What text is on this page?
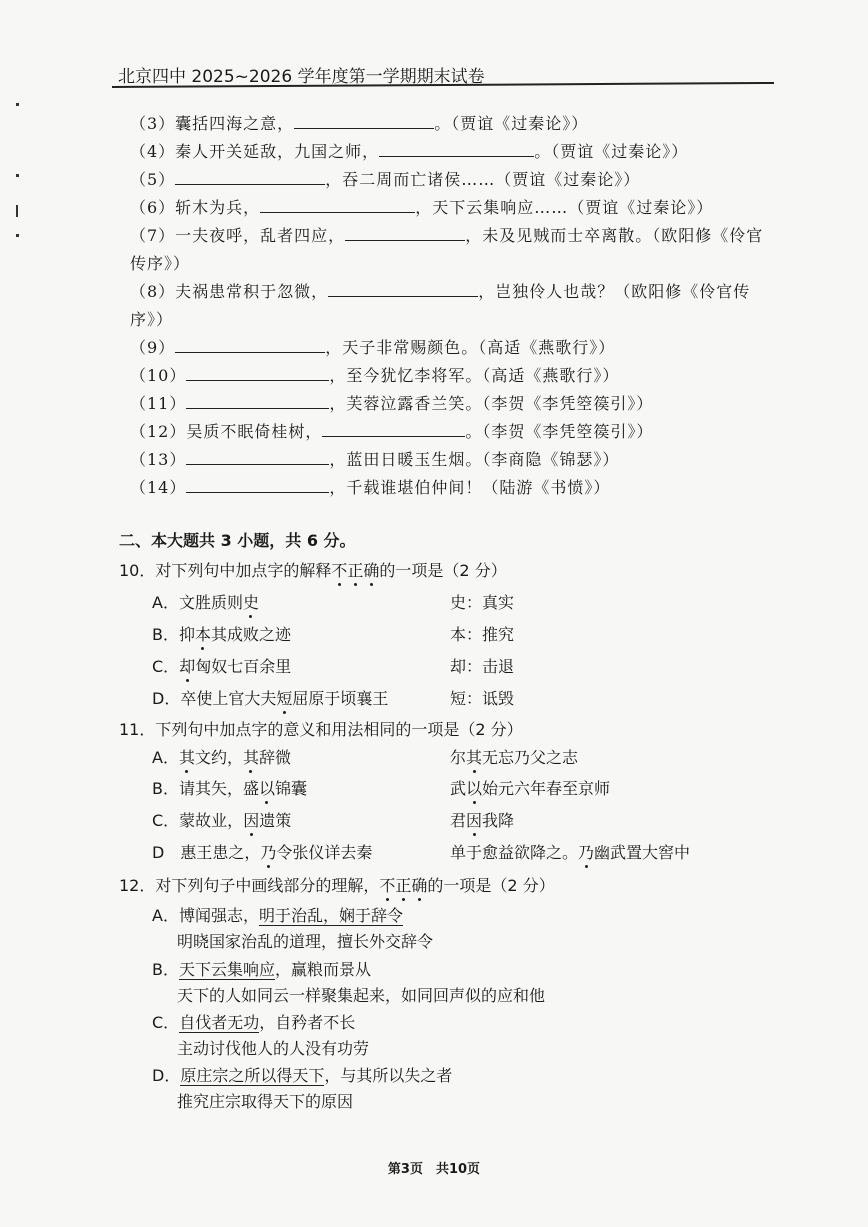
北京四中 2025~2026 学年度第一学期期末试卷
（3）囊括四海之意，	。（贾谊《过秦论》）
（4）秦人开关延敌，九国之师，	。（贾谊《过秦论》）
（5）	，吞二周而亡诸侯……（贾谊《过秦论》）
（6）斩木为兵，	，天下云集响应……（贾谊《过秦论》）
（7）一夫夜呼，乱者四应，	，未及见贼而士卒离散。（欧阳修《伶官
传序》）
（8）夫祸患常积于忽微，	，岂独伶人也哉？（欧阳修《伶官传
序》）
（9）	，天子非常赐颜色。（高适《燕歌行》）
（10）	，至今犹忆李将军。（高适《燕歌行》）
（11）	，芙蓉泣露香兰笑。（李贺《李凭箜篌引》）
（12）吴质不眠倚桂树，	。（李贺《李凭箜篌引》）
（13）	，蓝田日暖玉生烟。（李商隐《锦瑟》）
（14）	，千载谁堪伯仲间！（陆游《书愤》）
二、本大题共 3 小题，共 6 分。
10．对下列句中加点字的解释不正确的一项是（2 分）
A．文胜质则史	史：真实
B．抑本其成败之迹	本：推究
C．却匈奴七百余里	却：击退
D．卒使上官大夫短屈原于顷襄王	短：诋毁
11．下列句中加点字的意义和用法相同的一项是（2 分）
A．其文约，其辞微	尔其无忘乃父之志
B．请其矢，盛以锦囊	武以始元六年春至京师
C．蒙故业，因遗策	君因我降
D　惠王患之，乃令张仪详去秦	单于愈益欲降之。乃幽武置大窖中
12．对下列句子中画线部分的理解，不正确的一项是（2 分）
A．博闻强志，明于治乱，娴于辞令
明晓国家治乱的道理，擅长外交辞令
B．天下云集响应，赢粮而景从
天下的人如同云一样聚集起来，如同回声似的应和他
C．自伐者无功，自矜者不长
主动讨伐他人的人没有功劳
D．原庄宗之所以得天下，与其所以失之者
推究庄宗取得天下的原因
第3页　共10页
